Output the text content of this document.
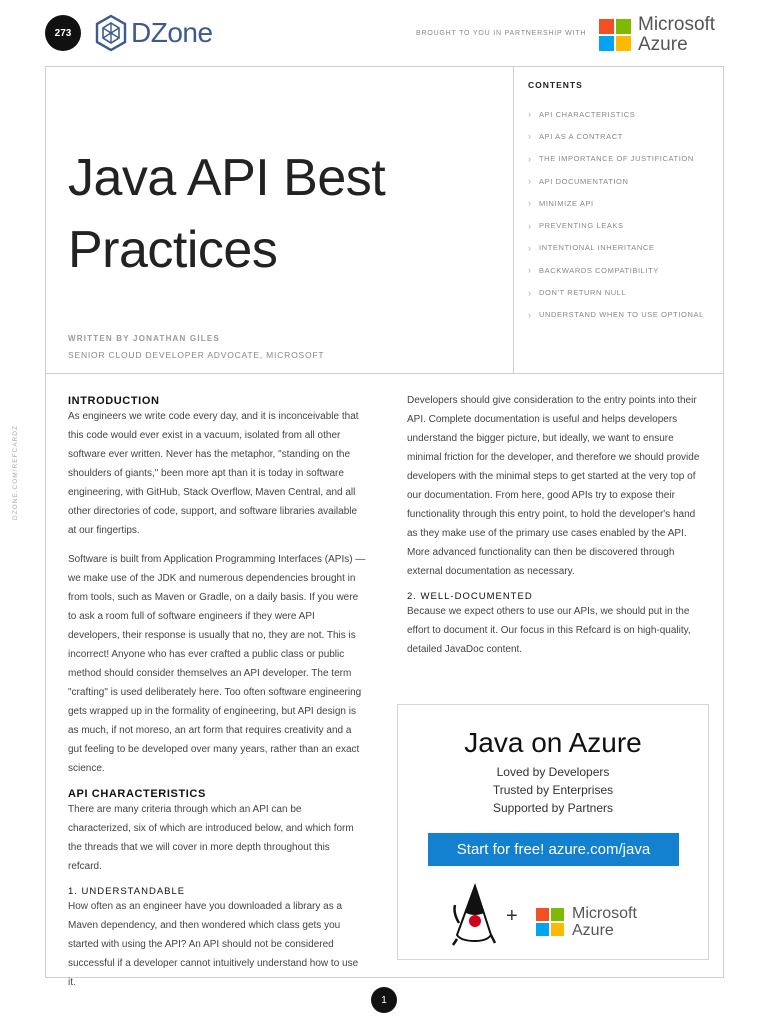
273	DZone	BROUGHT TO YOU IN PARTNERSHIP WITH	Microsoft
Azure
Java API Best
Practices
WRITTEN BY JONATHAN GILES
SENIOR CLOUD DEVELOPER ADVOCATE, MICROSOFT
CONTENTS
› API CHARACTERISTICS
› API AS A CONTRACT
› THE IMPORTANCE OF JUSTIFICATION
› API DOCUMENTATION
› MINIMIZE API
› PREVENTING LEAKS
› INTENTIONAL INHERITANCE
› BACKWARDS COMPATIBILITY
› DON'T RETURN NULL
› UNDERSTAND WHEN TO USE OPTIONAL
DZONE.COM/REFCARDZ
INTRODUCTION

As engineers we write code every day, and it is inconceivable that this code would ever exist in a vacuum, isolated from all other software ever written. Never has the metaphor, "standing on the shoulders of giants," been more apt than it is today in software engineering, with GitHub, Stack Overflow, Maven Central, and all other directories of code, support, and software libraries available at our fingertips.

Software is built from Application Programming Interfaces (APIs) — we make use of the JDK and numerous dependencies brought in from tools, such as Maven or Gradle, on a daily basis. If you were to ask a room full of software engineers if they were API developers, their response is usually that no, they are not. This is incorrect! Anyone who has ever crafted a public class or public method should consider themselves an API developer. The term "crafting" is used deliberately here. Too often software engineering gets wrapped up in the formality of engineering, but API design is as much, if not moreso, an art form that requires creativity and a gut feeling to be developed over many years, rather than an exact science.

API CHARACTERISTICS

There are many criteria through which an API can be characterized, six of which are introduced below, and which form the threads that we will cover in more depth throughout this refcard.

1. UNDERSTANDABLE

How often as an engineer have you downloaded a library as a Maven dependency, and then wondered which class gets you started with using the API? An API should not be considered successful if a developer cannot intuitively understand how to use it.

Developers should give consideration to the entry points into their API. Complete documentation is useful and helps developers understand the bigger picture, but ideally, we want to ensure minimal friction for the developer, and therefore we should provide developers with the minimal steps to get started at the very top of our documentation. From here, good APIs try to expose their functionality through this entry point, to hold the developer's hand as they make use of the primary use cases enabled by the API. More advanced functionality can then be discovered through external documentation as necessary.

2. WELL-DOCUMENTED

Because we expect others to use our APIs, we should put in the effort to document it. Our focus in this Refcard is on high-quality, detailed JavaDoc content.

Java on Azure
Loved by Developers
Trusted by Enterprises
Supported by Partners
Start for free! azure.com/java
+	Microsoft
Azure
1
